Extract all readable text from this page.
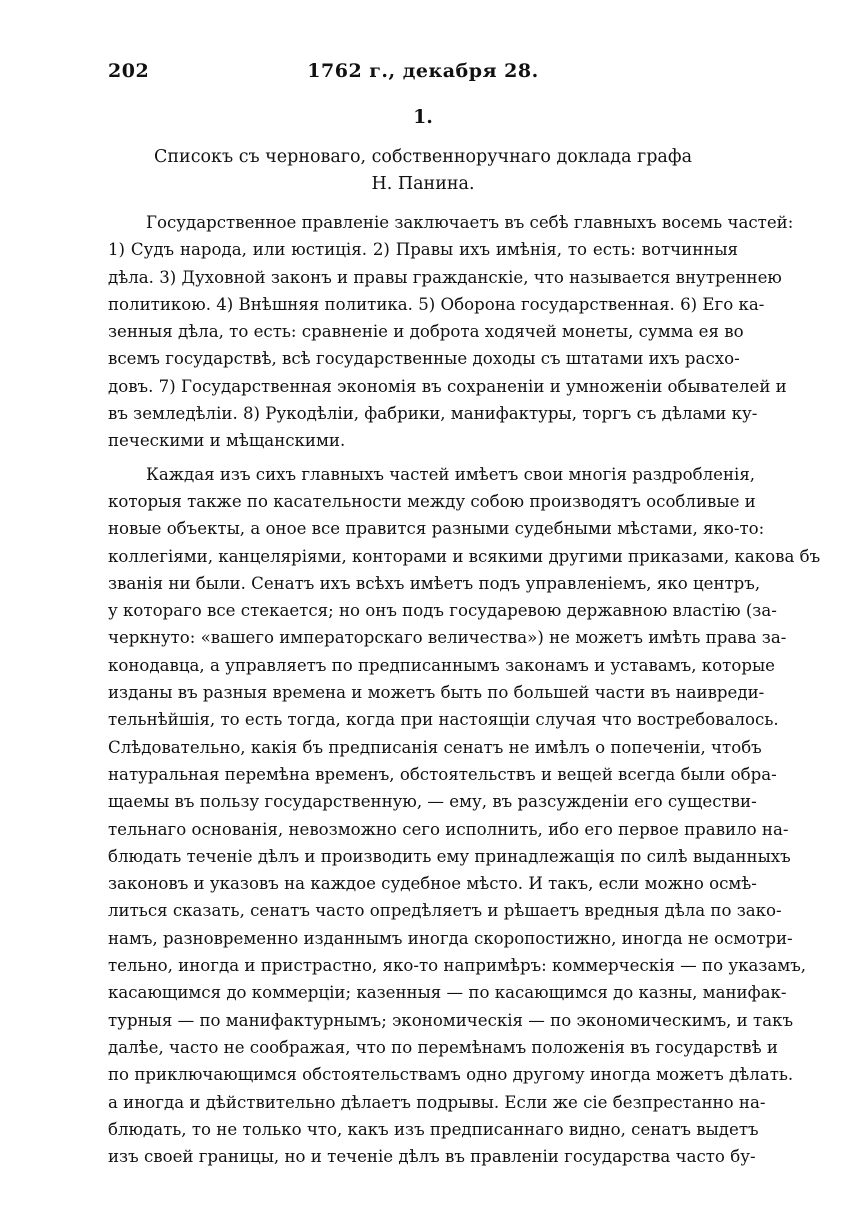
202	1762 г., декабря 28.
1.
Списокъ съ черноваго, собственноручнаго доклада графа
Н. Панина.
Государственное правленіе заключаетъ въ себѣ главныхъ восемь частей:
1) Судъ народа, или юстиція. 2) Правы ихъ имѣнія, то есть: вотчинныя
дѣла. 3) Духовной законъ и правы гражданскіе, что называется внутреннею
политикою. 4) Внѣшняя политика. 5) Оборона государственная. 6) Его ка-
зенныя дѣла, то есть: сравненіе и доброта ходячей монеты, сумма ея во
всемъ государствѣ, всѣ государственные доходы съ штатами ихъ расхо-
довъ. 7) Государственная экономія въ сохраненіи и умноженіи обывателей и
въ земледѣліи. 8) Рукодѣліи, фабрики, манифактуры, торгъ съ дѣлами ку-
печескими и мѣщанскими.
Каждая изъ сихъ главныхъ частей имѣетъ свои многія раздробленія,
которыя также по касательности между собою производятъ особливые и
новые объекты, а оное все правится разными судебными мѣстами, яко-то:
коллегіями, канцеляріями, конторами и всякими другими приказами, какова бъ
званія ни были. Сенатъ ихъ всѣхъ имѣетъ подъ управленіемъ, яко центръ,
у котораго все стекается; но онъ подъ государевою державною властію (за-
черкнуто: «вашего императорскаго величества») не можетъ имѣть права за-
конодавца, а управляетъ по предписаннымъ законамъ и уставамъ, которые
изданы въ разныя времена и можетъ быть по большей части въ наивреди-
тельнѣйшія, то есть тогда, когда при настоящіи случая что востребовалось.
Слѣдовательно, какія бъ предписанія сенатъ не имѣлъ о попеченіи, чтобъ
натуральная перемѣна временъ, обстоятельствъ и вещей всегда были обра-
щаемы въ пользу государственную, — ему, въ разсужденіи его существи-
тельнаго основанія, невозможно сего исполнить, ибо его первое правило на-
блюдать теченіе дѣлъ и производить ему принадлежащія по силѣ выданныхъ
законовъ и указовъ на каждое судебное мѣсто. И такъ, если можно осмѣ-
литься сказать, сенатъ часто опредѣляетъ и рѣшаетъ вредныя дѣла по зако-
намъ, разновременно изданнымъ иногда скоропостижно, иногда не осмотри-
тельно, иногда и пристрастно, яко-то напримѣръ: коммерческія — по указамъ,
касающимся до коммерціи; казенныя — по касающимся до казны, манифак-
турныя — по манифактурнымъ; экономическія — по экономическимъ, и такъ
далѣе, часто не соображая, что по перемѣнамъ положенія въ государствѣ и
по приключающимся обстоятельствамъ одно другому иногда можетъ дѣлать.
а иногда и дѣйствительно дѣлаетъ подрывы. Если же сіе безпрестанно на-
блюдать, то не только что, какъ изъ предписаннаго видно, сенатъ выдетъ
изъ своей границы, но и теченіе дѣлъ въ правленіи государства часто бу-
